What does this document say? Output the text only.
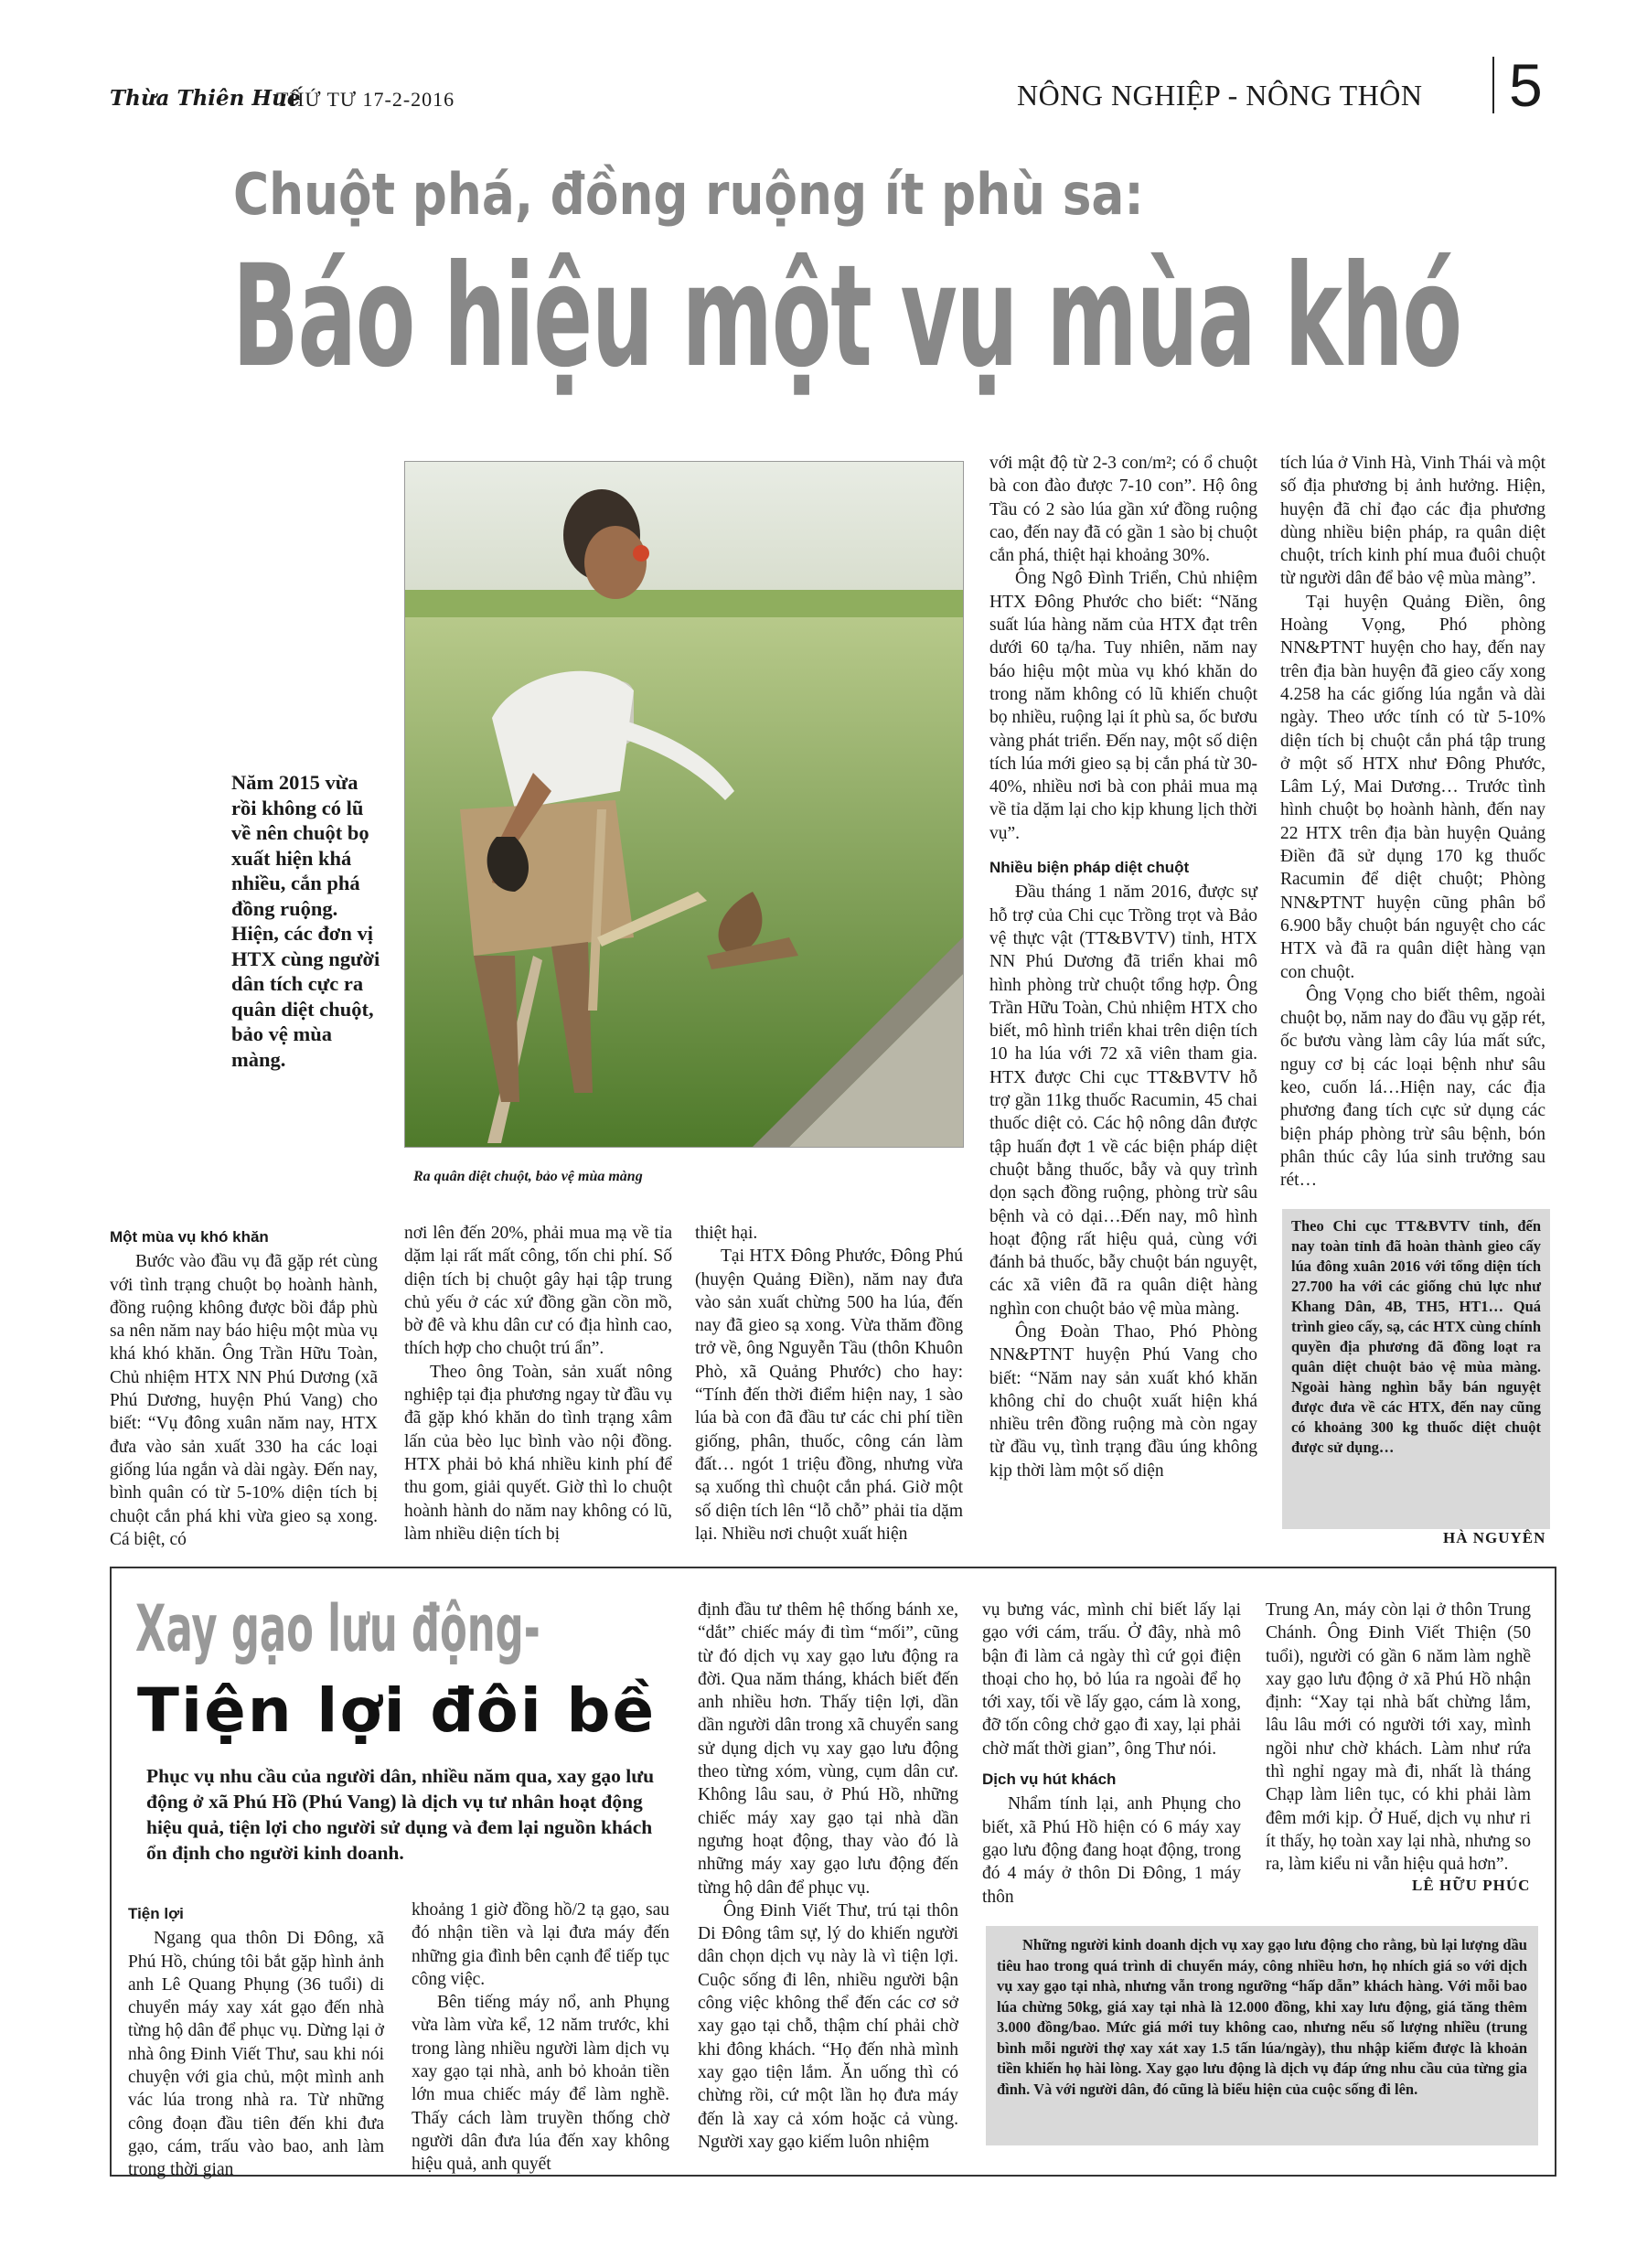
Thừa Thiên Huế
THỨ TƯ 17-2-2016	NÔNG NGHIỆP - NÔNG THÔN 5
Chuột phá, đồng ruộng ít phù sa:
Báo hiệu một vụ mùa khó
Ra quân diệt chuột, bảo vệ mùa màng
Năm 2015 vừa rồi không có lũ về nên chuột bọ xuất hiện khá nhiều, cắn phá đồng ruộng. Hiện, các đơn vị HTX cùng người dân tích cực ra quân diệt chuột, bảo vệ mùa màng.

Một mùa vụ khó khăn

Bước vào đầu vụ đã gặp rét cùng với tình trạng chuột bọ hoành hành, đồng ruộng không được bồi đắp phù sa nên năm nay báo hiệu một mùa vụ khá khó khăn. Ông Trần Hữu Toàn, Chủ nhiệm HTX NN Phú Dương (xã Phú Dương, huyện Phú Vang) cho biết: “Vụ đông xuân năm nay, HTX đưa vào sản xuất 330 ha các loại giống lúa ngắn và dài ngày. Đến nay, bình quân có từ 5-10% diện tích bị chuột cắn phá khi vừa gieo sạ xong. Cá biệt, có

nơi lên đến 20%, phải mua mạ về tỉa dặm lại rất mất công, tốn chi phí. Số diện tích bị chuột gây hại tập trung chủ yếu ở các xứ đồng gần cồn mồ, bờ đê và khu dân cư có địa hình cao, thích hợp cho chuột trú ẩn”.

Theo ông Toàn, sản xuất nông nghiệp tại địa phương ngay từ đầu vụ đã gặp khó khăn do tình trạng xâm lấn của bèo lục bình vào nội đồng. HTX phải bỏ khá nhiều kinh phí để thu gom, giải quyết. Giờ thì lo chuột hoành hành do năm nay không có lũ, làm nhiều diện tích bị

thiệt hại.

Tại HTX Đông Phước, Đông Phú (huyện Quảng Điền), năm nay đưa vào sản xuất chừng 500 ha lúa, đến nay đã gieo sạ xong. Vừa thăm đồng trở về, ông Nguyễn Tầu (thôn Khuôn Phò, xã Quảng Phước) cho hay: “Tính đến thời điểm hiện nay, 1 sào lúa bà con đã đầu tư các chi phí tiền giống, phân, thuốc, công cán làm đất… ngót 1 triệu đồng, nhưng vừa sạ xuống thì chuột cắn phá. Giờ một số diện tích lên “lỗ chỗ” phải tỉa dặm lại. Nhiều nơi chuột xuất hiện

với mật độ từ 2-3 con/m²; có ổ chuột bà con đào được 7-10 con”. Hộ ông Tầu có 2 sào lúa gần xứ đồng ruộng cao, đến nay đã có gần 1 sào bị chuột cắn phá, thiệt hại khoảng 30%.

Ông Ngô Đình Triển, Chủ nhiệm HTX Đông Phước cho biết: “Năng suất lúa hàng năm của HTX đạt trên dưới 60 tạ/ha. Tuy nhiên, năm nay báo hiệu một mùa vụ khó khăn do trong năm không có lũ khiến chuột bọ nhiều, ruộng lại ít phù sa, ốc bươu vàng phát triển. Đến nay, một số diện tích lúa mới gieo sạ bị cắn phá từ 30-40%, nhiều nơi bà con phải mua mạ về tỉa dặm lại cho kịp khung lịch thời vụ”.

Nhiều biện pháp diệt chuột

Đầu tháng 1 năm 2016, được sự hỗ trợ của Chi cục Trồng trọt và Bảo vệ thực vật (TT&BVTV) tỉnh, HTX NN Phú Dương đã triển khai mô hình phòng trừ chuột tổng hợp. Ông Trần Hữu Toàn, Chủ nhiệm HTX cho biết, mô hình triển khai trên diện tích 10 ha lúa với 72 xã viên tham gia. HTX được Chi cục TT&BVTV hỗ trợ gần 11kg thuốc Racumin, 45 chai thuốc diệt cỏ. Các hộ nông dân được tập huấn đợt 1 về các biện pháp diệt chuột bằng thuốc, bẫy và quy trình dọn sạch đồng ruộng, phòng trừ sâu bệnh và cỏ dại…Đến nay, mô hình hoạt động rất hiệu quả, cùng với đánh bả thuốc, bẫy chuột bán nguyệt, các xã viên đã ra quân diệt hàng nghìn con chuột bảo vệ mùa màng.

Ông Đoàn Thao, Phó Phòng NN&PTNT huyện Phú Vang cho biết: “Năm nay sản xuất khó khăn không chỉ do chuột xuất hiện khá nhiều trên đồng ruộng mà còn ngay từ đầu vụ, tình trạng đầu úng không kịp thời làm một số diện

tích lúa ở Vinh Hà, Vinh Thái và một số địa phương bị ảnh hưởng. Hiện, huyện đã chỉ đạo các địa phương dùng nhiều biện pháp, ra quân diệt chuột, trích kinh phí mua đuôi chuột từ người dân để bảo vệ mùa màng”.

Tại huyện Quảng Điền, ông Hoàng Vọng, Phó phòng NN&PTNT huyện cho hay, đến nay trên địa bàn huyện đã gieo cấy xong 4.258 ha các giống lúa ngắn và dài ngày. Theo ước tính có từ 5-10% diện tích bị chuột cắn phá tập trung ở một số HTX như Đông Phước, Lâm Lý, Mai Dương… Trước tình hình chuột bọ hoành hành, đến nay 22 HTX trên địa bàn huyện Quảng Điền đã sử dụng 170 kg thuốc Racumin để diệt chuột; Phòng NN&PTNT huyện cũng phân bổ 6.900 bẫy chuột bán nguyệt cho các HTX và đã ra quân diệt hàng vạn con chuột.

Ông Vọng cho biết thêm, ngoài chuột bọ, năm nay do đầu vụ gặp rét, ốc bươu vàng làm cây lúa mất sức, nguy cơ bị các loại bệnh như sâu keo, cuốn lá…Hiện nay, các địa phương đang tích cực sử dụng các biện pháp phòng trừ sâu bệnh, bón phân thúc cây lúa sinh trưởng sau rét…

Theo Chi cục TT&BVTV tỉnh, đến nay toàn tỉnh đã hoàn thành gieo cấy lúa đông xuân 2016 với tổng diện tích 27.700 ha với các giống chủ lực như Khang Dân, 4B, TH5, HT1… Quá trình gieo cấy, sạ, các HTX cùng chính quyền địa phương đã đồng loạt ra quân diệt chuột bảo vệ mùa màng. Ngoài hàng nghìn bẫy bán nguyệt được đưa về các HTX, đến nay cũng có khoảng 300 kg thuốc diệt chuột được sử dụng…

HÀ NGUYÊN
Xay gạo lưu động-
Tiện lợi đôi bề
Phục vụ nhu cầu của người dân, nhiều năm qua, xay gạo lưu động ở xã Phú Hồ (Phú Vang) là dịch vụ tư nhân hoạt động hiệu quả, tiện lợi cho người sử dụng và đem lại nguồn khách ổn định cho người kinh doanh.

Tiện lợi

Ngang qua thôn Di Đông, xã Phú Hồ, chúng tôi bắt gặp hình ảnh anh Lê Quang Phụng (36 tuổi) di chuyển máy xay xát gạo đến nhà từng hộ dân để phục vụ. Dừng lại ở nhà ông Đinh Viết Thư, sau khi nói chuyện với gia chủ, một mình anh vác lúa trong nhà ra. Từ những công đoạn đầu tiên đến khi đưa gạo, cám, trấu vào bao, anh làm trong thời gian

khoảng 1 giờ đồng hồ/2 tạ gạo, sau đó nhận tiền và lại đưa máy đến những gia đình bên cạnh để tiếp tục công việc.

Bên tiếng máy nổ, anh Phụng vừa làm vừa kể, 12 năm trước, khi trong làng nhiều người làm dịch vụ xay gạo tại nhà, anh bỏ khoản tiền lớn mua chiếc máy để làm nghề. Thấy cách làm truyền thống chờ người dân đưa lúa đến xay không hiệu quả, anh quyết

định đầu tư thêm hệ thống bánh xe, “dắt” chiếc máy đi tìm “mối”, cũng từ đó dịch vụ xay gạo lưu động ra đời. Qua năm tháng, khách biết đến anh nhiều hơn. Thấy tiện lợi, dần dần người dân trong xã chuyển sang sử dụng dịch vụ xay gạo lưu động theo từng xóm, vùng, cụm dân cư. Không lâu sau, ở Phú Hồ, những chiếc máy xay gạo tại nhà dần ngưng hoạt động, thay vào đó là những máy xay gạo lưu động đến từng hộ dân để phục vụ.

Ông Đinh Viết Thư, trú tại thôn Di Đông tâm sự, lý do khiến người dân chọn dịch vụ này là vì tiện lợi. Cuộc sống đi lên, nhiều người bận công việc không thể đến các cơ sở xay gạo tại chỗ, thậm chí phải chờ khi đông khách. “Họ đến nhà mình xay gạo tiện lắm. Ăn uống thì có chừng rồi, cứ một lần họ đưa máy đến là xay cả xóm hoặc cả vùng. Người xay gạo kiếm luôn nhiệm

vụ bưng vác, mình chỉ biết lấy lại gạo với cám, trấu. Ở đây, nhà mô bận đi làm cả ngày thì cứ gọi điện thoại cho họ, bỏ lúa ra ngoài để họ tới xay, tối về lấy gạo, cám là xong, đỡ tốn công chở gạo đi xay, lại phải chờ mất thời gian”, ông Thư nói.

Dịch vụ hút khách

Nhẩm tính lại, anh Phụng cho biết, xã Phú Hồ hiện có 6 máy xay gạo lưu động đang hoạt động, trong đó 4 máy ở thôn Di Đông, 1 máy thôn

Trung An, máy còn lại ở thôn Trung Chánh. Ông Đinh Viết Thiện (50 tuổi), người có gần 6 năm làm nghề xay gạo lưu động ở xã Phú Hồ nhận định: “Xay tại nhà bất chừng lắm, lâu lâu mới có người tới xay, mình ngồi như chờ khách. Làm như rứa thì nghỉ ngay mà đi, nhất là tháng Chạp làm liên tục, có khi phải làm đêm mới kịp. Ở Huế, dịch vụ như ri ít thấy, họ toàn xay lại nhà, nhưng so ra, làm kiểu ni vẫn hiệu quả hơn”.

LÊ HỮU PHÚC

Những người kinh doanh dịch vụ xay gạo lưu động cho rằng, bù lại lượng dầu tiêu hao trong quá trình di chuyển máy, công nhiều hơn, họ nhích giá so với dịch vụ xay gạo tại nhà, nhưng vẫn trong ngưỡng “hấp dẫn” khách hàng. Với mỗi bao lúa chừng 50kg, giá xay tại nhà là 12.000 đồng, khi xay lưu động, giá tăng thêm 3.000 đồng/bao. Mức giá mới tuy không cao, nhưng nếu số lượng nhiều (trung bình mỗi người thợ xay xát xay 1.5 tấn lúa/ngày), thu nhập kiếm được là khoản tiền khiến họ hài lòng. Xay gạo lưu động là dịch vụ đáp ứng nhu cầu của từng gia đình. Và với người dân, đó cũng là biểu hiện của cuộc sống đi lên.
